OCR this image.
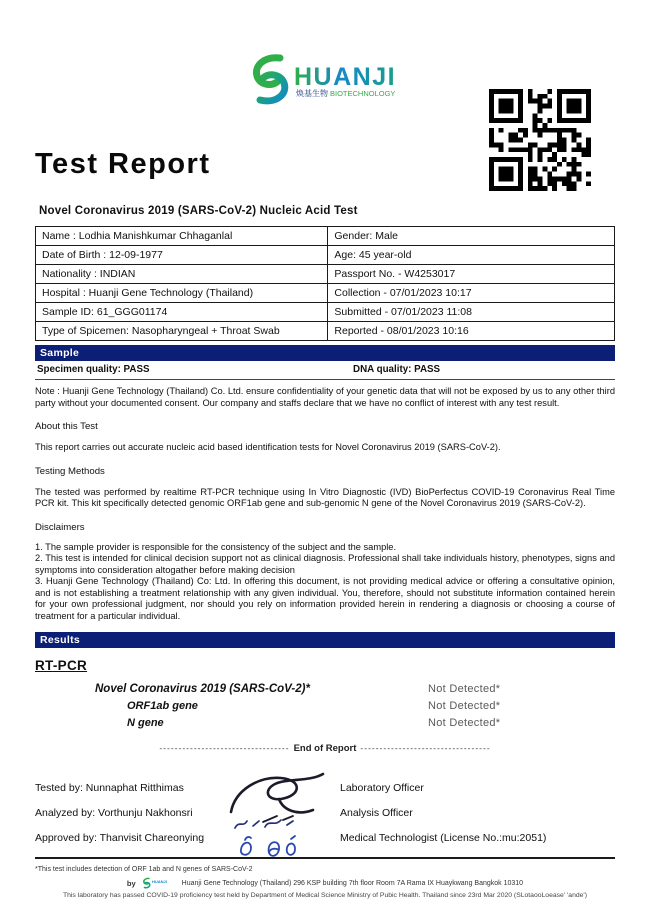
HUANJI
焕基生物 BIOTECHNOLOGY
Test Report
Novel Coronavirus 2019 (SARS-CoV-2) Nucleic Acid Test
Name : Lodhia Manishkumar Chhaganlal	Gender: Male
Date of Birth : 12-09-1977	Age: 45 year-old
Nationality : INDIAN	Passport No. - W4253017
Hospital : Huanji Gene Technology (Thailand)	Collection - 07/01/2023 10:17
Sample ID: 61_GGG01174	Submitted - 07/01/2023 11:08
Type of Spicemen: Nasopharyngeal + Throat Swab	Reported - 08/01/2023 10:16
Sample
Specimen quality: PASS	DNA quality: PASS
Note : Huanji Gene Technology (Thailand) Co. Ltd. ensure confidentiality of your genetic data that will not be exposed by us to any other third party without your documented consent. Our company and staffs declare that we have no conflict of interest with any test result.
About this Test
This report carries out accurate nucleic acid based identification tests for Novel Coronavirus 2019 (SARS-CoV-2).
Testing Methods
The tested was performed by realtime RT-PCR technique using In Vitro Diagnostic (IVD) BioPerfectus COVID-19 Coronavirus Real Time PCR kit. This kit specifically detected genomic ORF1ab gene and sub-genomic N gene of the Novel Coronavirus 2019 (SARS-CoV-2).
Disclaimers
1. The sample provider is responsible for the consistency of the subject and the sample.
2. This test is intended for clinical decision support not as clinical diagnosis. Professional shall take individuals history, phenotypes, signs and symptoms into consideration altogather before making decision
3. Huanji Gene Technology (Thailand) Co: Ltd. In offering this document, is not providing medical advice or offering a consultative opinion, and is not establishing a treatment relationship with any given individual. You, therefore, should not substitute information contained herein for your own professional judgment, nor should you rely on information provided herein in rendering a diagnosis or choosing a course of treatment for a particular individual.
Results
RT-PCR
Novel Coronavirus 2019 (SARS-CoV-2)*	Not Detected*
ORF1ab gene	Not Detected*
N gene	Not Detected*
---------------------------------- End of Report ----------------------------------
Tested by: Nunnaphat Ritthimas	Laboratory Officer
Analyzed by: Vorthunju Nakhonsri	Analysis Officer
Approved by: Thanvisit Chareonying	Medical Technologist (License No.:mu:2051)
*This test includes detection of ORF 1ab and N genes of SARS-CoV-2
by HUANJI Huanji Gene Technology (Thailand) 296 KSP building 7th floor Room 7A Rama IX Huaykwang Bangkok 10310
This laboratory has passed COVID-19 proficiency test held by Department of Medical Science Ministry of Pubic Health. Thailand since 23rd Mar 2020 (SLotaooLoease' 'ande')
